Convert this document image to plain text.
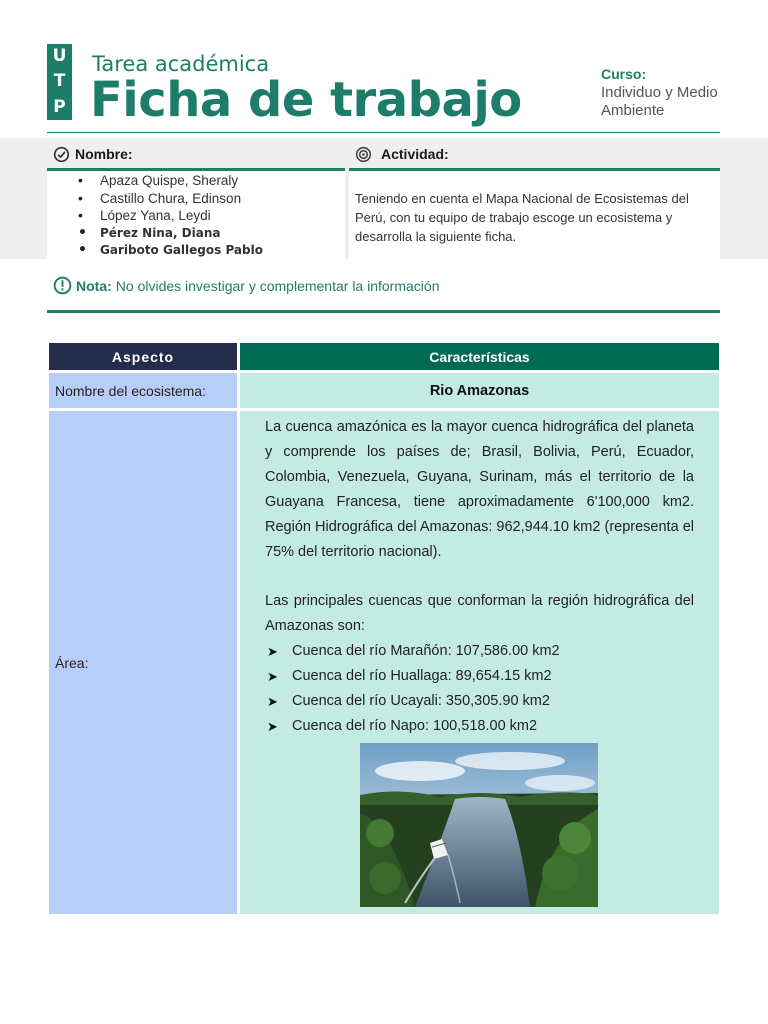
U
T
P
Tarea académica
Ficha de trabajo	Curso:
Individuo y Medio Ambiente
Nombre:	Actividad:
• Apaza Quispe, Sheraly
• Castillo Chura, Edinson
• López Yana, Leydi
• Pérez Nina, Diana
• Gariboto Gallegos Pablo
Teniendo en cuenta el Mapa Nacional de Ecosistemas del Perú, con tu equipo de trabajo escoge un ecosistema y desarrolla la siguiente ficha.
Nota: No olvides investigar y complementar la información
Aspecto	Características
Nombre del ecosistema:	Rio Amazonas
Área:
La cuenca amazónica es la mayor cuenca hidrográfica del planeta y comprende los países de; Brasil, Bolivia, Perú, Ecuador, Colombia, Venezuela, Guyana, Surinam, más el territorio de la Guayana Francesa, tiene aproximadamente 6'100,000 km2. Región Hidrográfica del Amazonas: 962,944.10 km2 (representa el 75% del territorio nacional).
Las principales cuencas que conforman la región hidrográfica del Amazonas son:
➤ Cuenca del río Marañón: 107,586.00 km2
➤ Cuenca del río Huallaga: 89,654.15 km2
➤ Cuenca del río Ucayali: 350,305.90 km2
➤ Cuenca del río Napo: 100,518.00 km2
